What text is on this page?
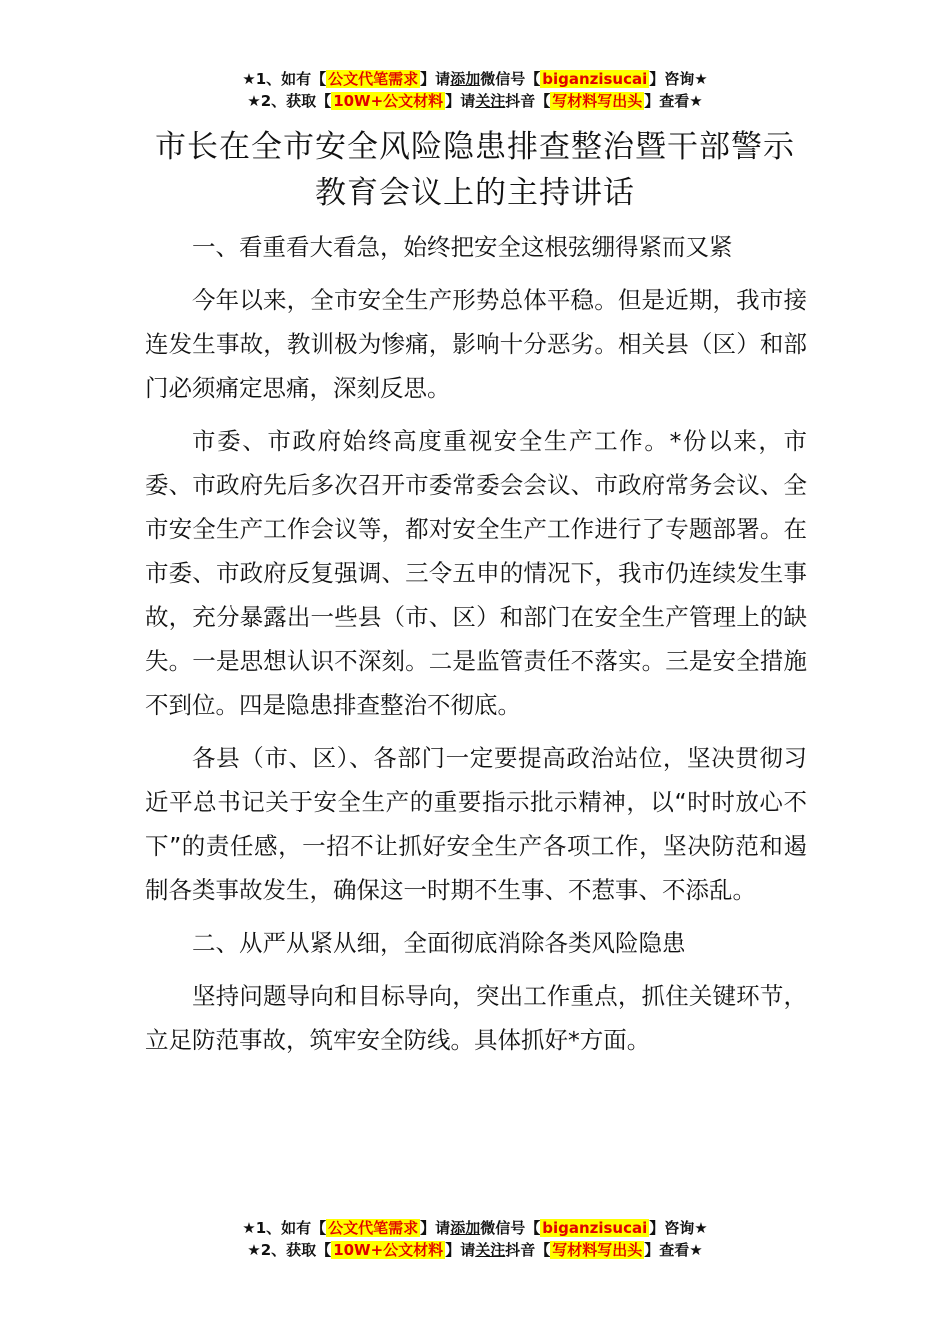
★1、如有【 公文代笔需求 】请添加微信号【 biganzisucai 】咨询★
★2、获取【 10W+公文材料 】请关注抖音【 写材料写出头 】查看★
市长在全市安全风险隐患排查整治暨干部警示教育会议上的主持讲话

一、看重看大看急，始终把安全这根弦绷得紧而又紧

今年以来，全市安全生产形势总体平稳。但是近期，我市接连发生事故，教训极为惨痛，影响十分恶劣。相关县（区）和部门必须痛定思痛，深刻反思。

市委、市政府始终高度重视安全生产工作。*份以来，市委、市政府先后多次召开市委常委会会议、市政府常务会议、全市安全生产工作会议等，都对安全生产工作进行了专题部署。在市委、市政府反复强调、三令五申的情况下，我市仍连续发生事故，充分暴露出一些县（市、区）和部门在安全生产管理上的缺失。一是思想认识不深刻。二是监管责任不落实。三是安全措施不到位。四是隐患排查整治不彻底。

各县（市、区）、各部门一定要提高政治站位，坚决贯彻习近平总书记关于安全生产的重要指示批示精神，以“时时放心不下”的责任感，一招不让抓好安全生产各项工作，坚决防范和遏制各类事故发生，确保这一时期不生事、不惹事、不添乱。

二、从严从紧从细，全面彻底消除各类风险隐患

坚持问题导向和目标导向，突出工作重点，抓住关键环节，立足防范事故，筑牢安全防线。具体抓好*方面。

★1、如有【 公文代笔需求 】请添加微信号【 biganzisucai 】咨询★
★2、获取【 10W+公文材料 】请关注抖音【 写材料写出头 】查看★
